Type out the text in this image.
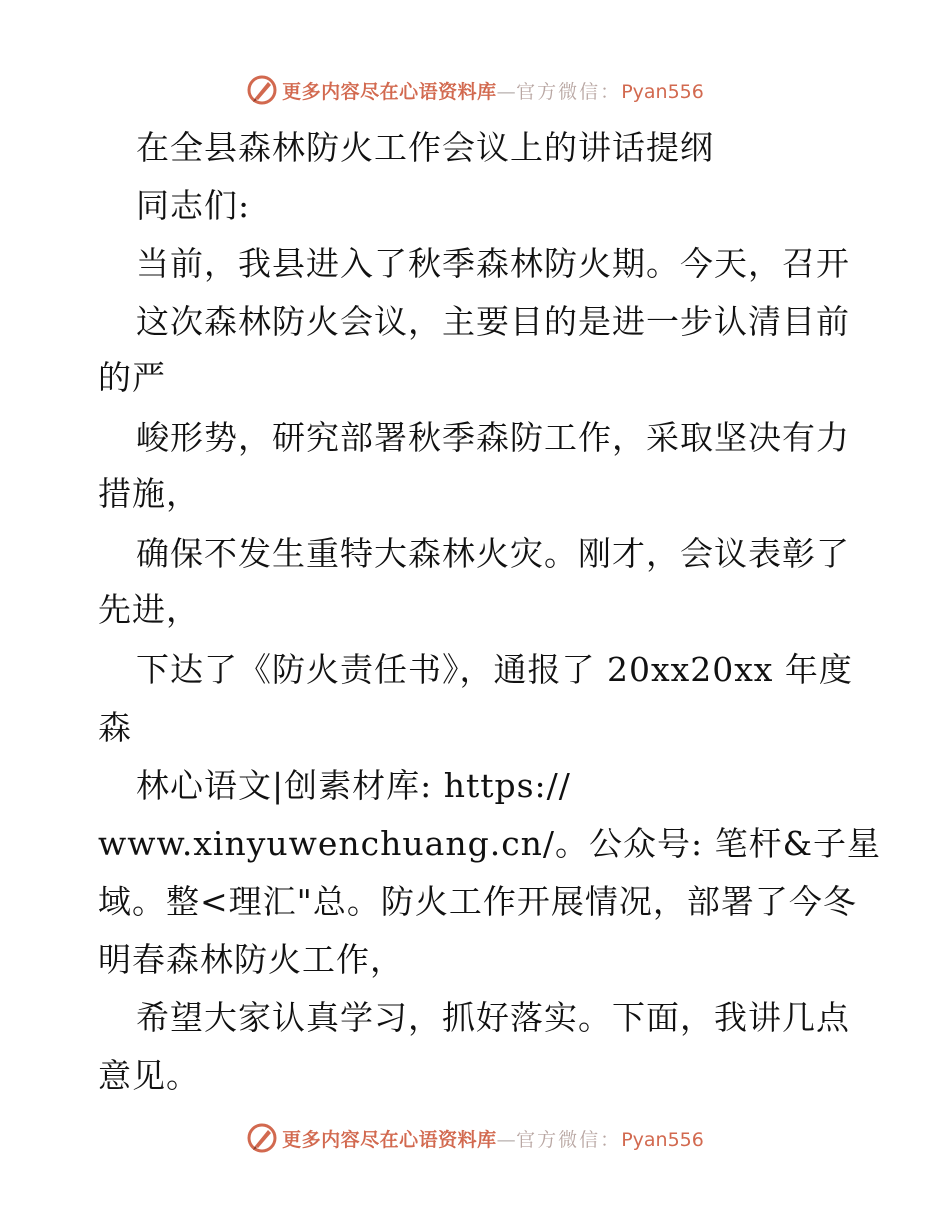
更多内容尽在心语资料库—官方微信：Pyan556
在全县森林防火工作会议上的讲话提纲
同志们:
当前，我县进入了秋季森林防火期。今天，召开
这次森林防火会议，主要目的是进一步认清目前
的严
峻形势，研究部署秋季森防工作，采取坚决有力
措施，
确保不发生重特大森林火灾。刚才，会议表彰了
先进，
下达了《防火责任书》，通报了 20xx20xx 年度
森
林心语文|创素材库: https://
www.xinyuwenchuang.cn/。公众号: 笔杆&子星
域。整<理汇"总。防火工作开展情况，部署了今冬
明春森林防火工作，
希望大家认真学习，抓好落实。下面，我讲几点
意见。
更多内容尽在心语资料库—官方微信：Pyan556
